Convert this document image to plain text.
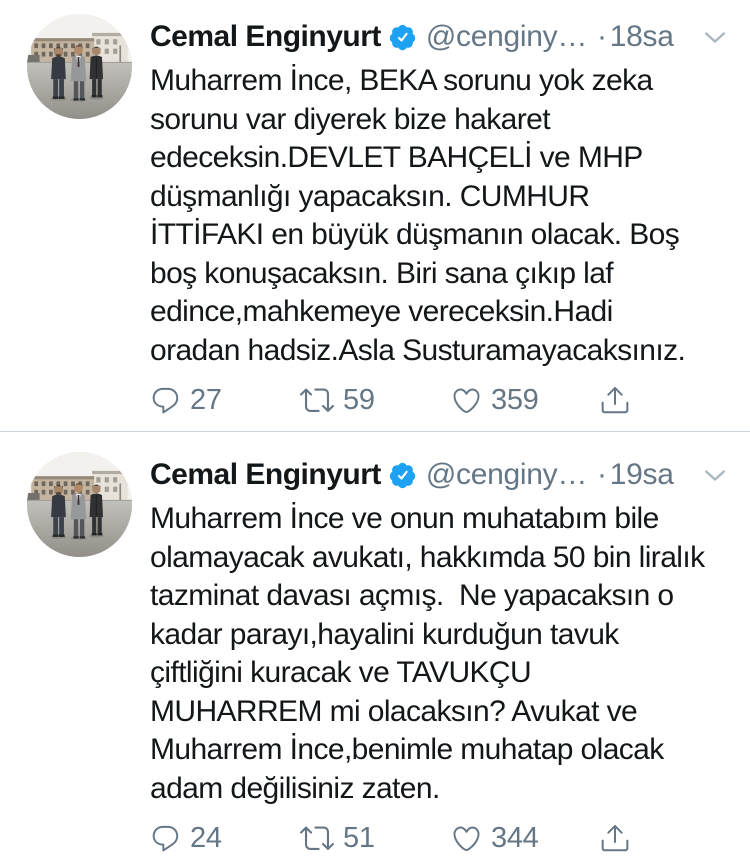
Cemal Enginyurt @cenginy… · 18sa
Muharrem İnce, BEKA sorunu yok zeka sorunu var diyerek bize hakaret edeceksin.DEVLET BAHÇELİ ve MHP düşmanlığı yapacaksın. CUMHUR İTTİFAKI en büyük düşmanın olacak. Boş boş konuşacaksın. Biri sana çıkıp laf edince,mahkemeye vereceksin.Hadi oradan hadsiz.Asla Susturamayacaksınız.
27	59	359
Cemal Enginyurt @cenginy… · 19sa
Muharrem İnce ve onun muhatabım bile olamayacak avukatı, hakkımda 50 bin liralık tazminat davası açmış.  Ne yapacaksın o kadar parayı,hayalini kurduğun tavuk çiftliğini kuracak ve TAVUKÇU MUHARREM mi olacaksın? Avukat ve Muharrem İnce,benimle muhatap olacak adam değilisiniz zaten.
24	51	344
